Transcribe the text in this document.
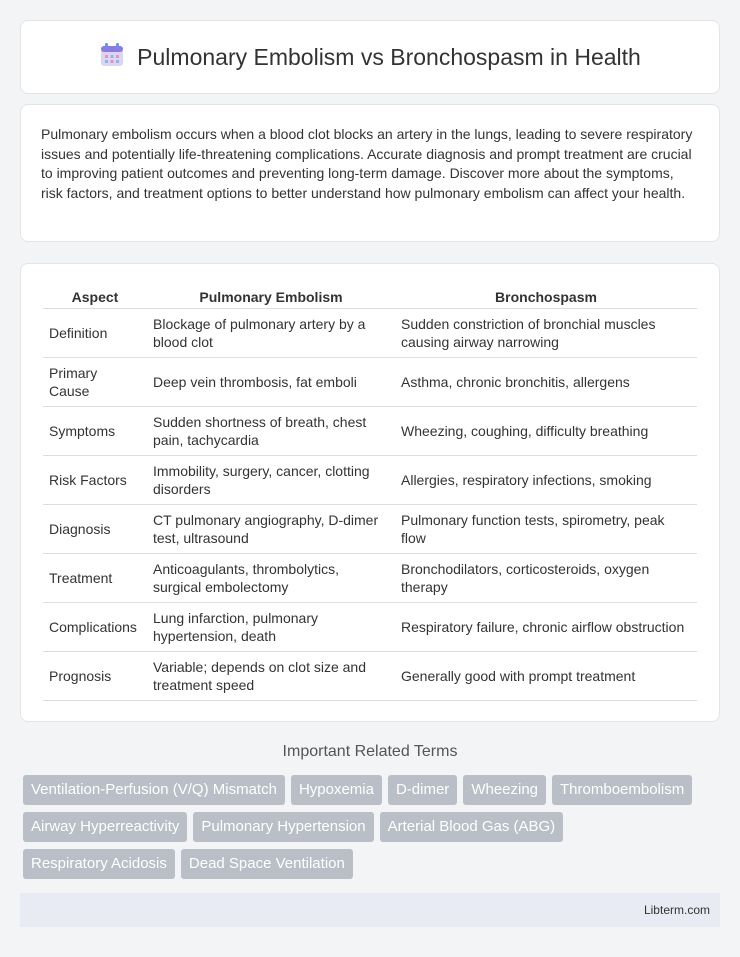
Pulmonary Embolism vs Bronchospasm in Health

Pulmonary embolism occurs when a blood clot blocks an artery in the lungs, leading to severe respiratory issues and potentially life-threatening complications. Accurate diagnosis and prompt treatment are crucial to improving patient outcomes and preventing long-term damage. Discover more about the symptoms, risk factors, and treatment options to better understand how pulmonary embolism can affect your health.

Aspect	Pulmonary Embolism	Bronchospasm
Definition	Blockage of pulmonary artery by a blood clot	Sudden constriction of bronchial muscles causing airway narrowing
Primary Cause	Deep vein thrombosis, fat emboli	Asthma, chronic bronchitis, allergens
Symptoms	Sudden shortness of breath, chest pain, tachycardia	Wheezing, coughing, difficulty breathing
Risk Factors	Immobility, surgery, cancer, clotting disorders	Allergies, respiratory infections, smoking
Diagnosis	CT pulmonary angiography, D-dimer test, ultrasound	Pulmonary function tests, spirometry, peak flow
Treatment	Anticoagulants, thrombolytics, surgical embolectomy	Bronchodilators, corticosteroids, oxygen therapy
Complications	Lung infarction, pulmonary hypertension, death	Respiratory failure, chronic airflow obstruction
Prognosis	Variable; depends on clot size and treatment speed	Generally good with prompt treatment
Important Related Terms
Ventilation-Perfusion (V/Q) Mismatch	Hypoxemia	D-dimer	Wheezing	Thromboembolism
Airway Hyperreactivity	Pulmonary Hypertension	Arterial Blood Gas (ABG)
Respiratory Acidosis	Dead Space Ventilation
Libterm.com
